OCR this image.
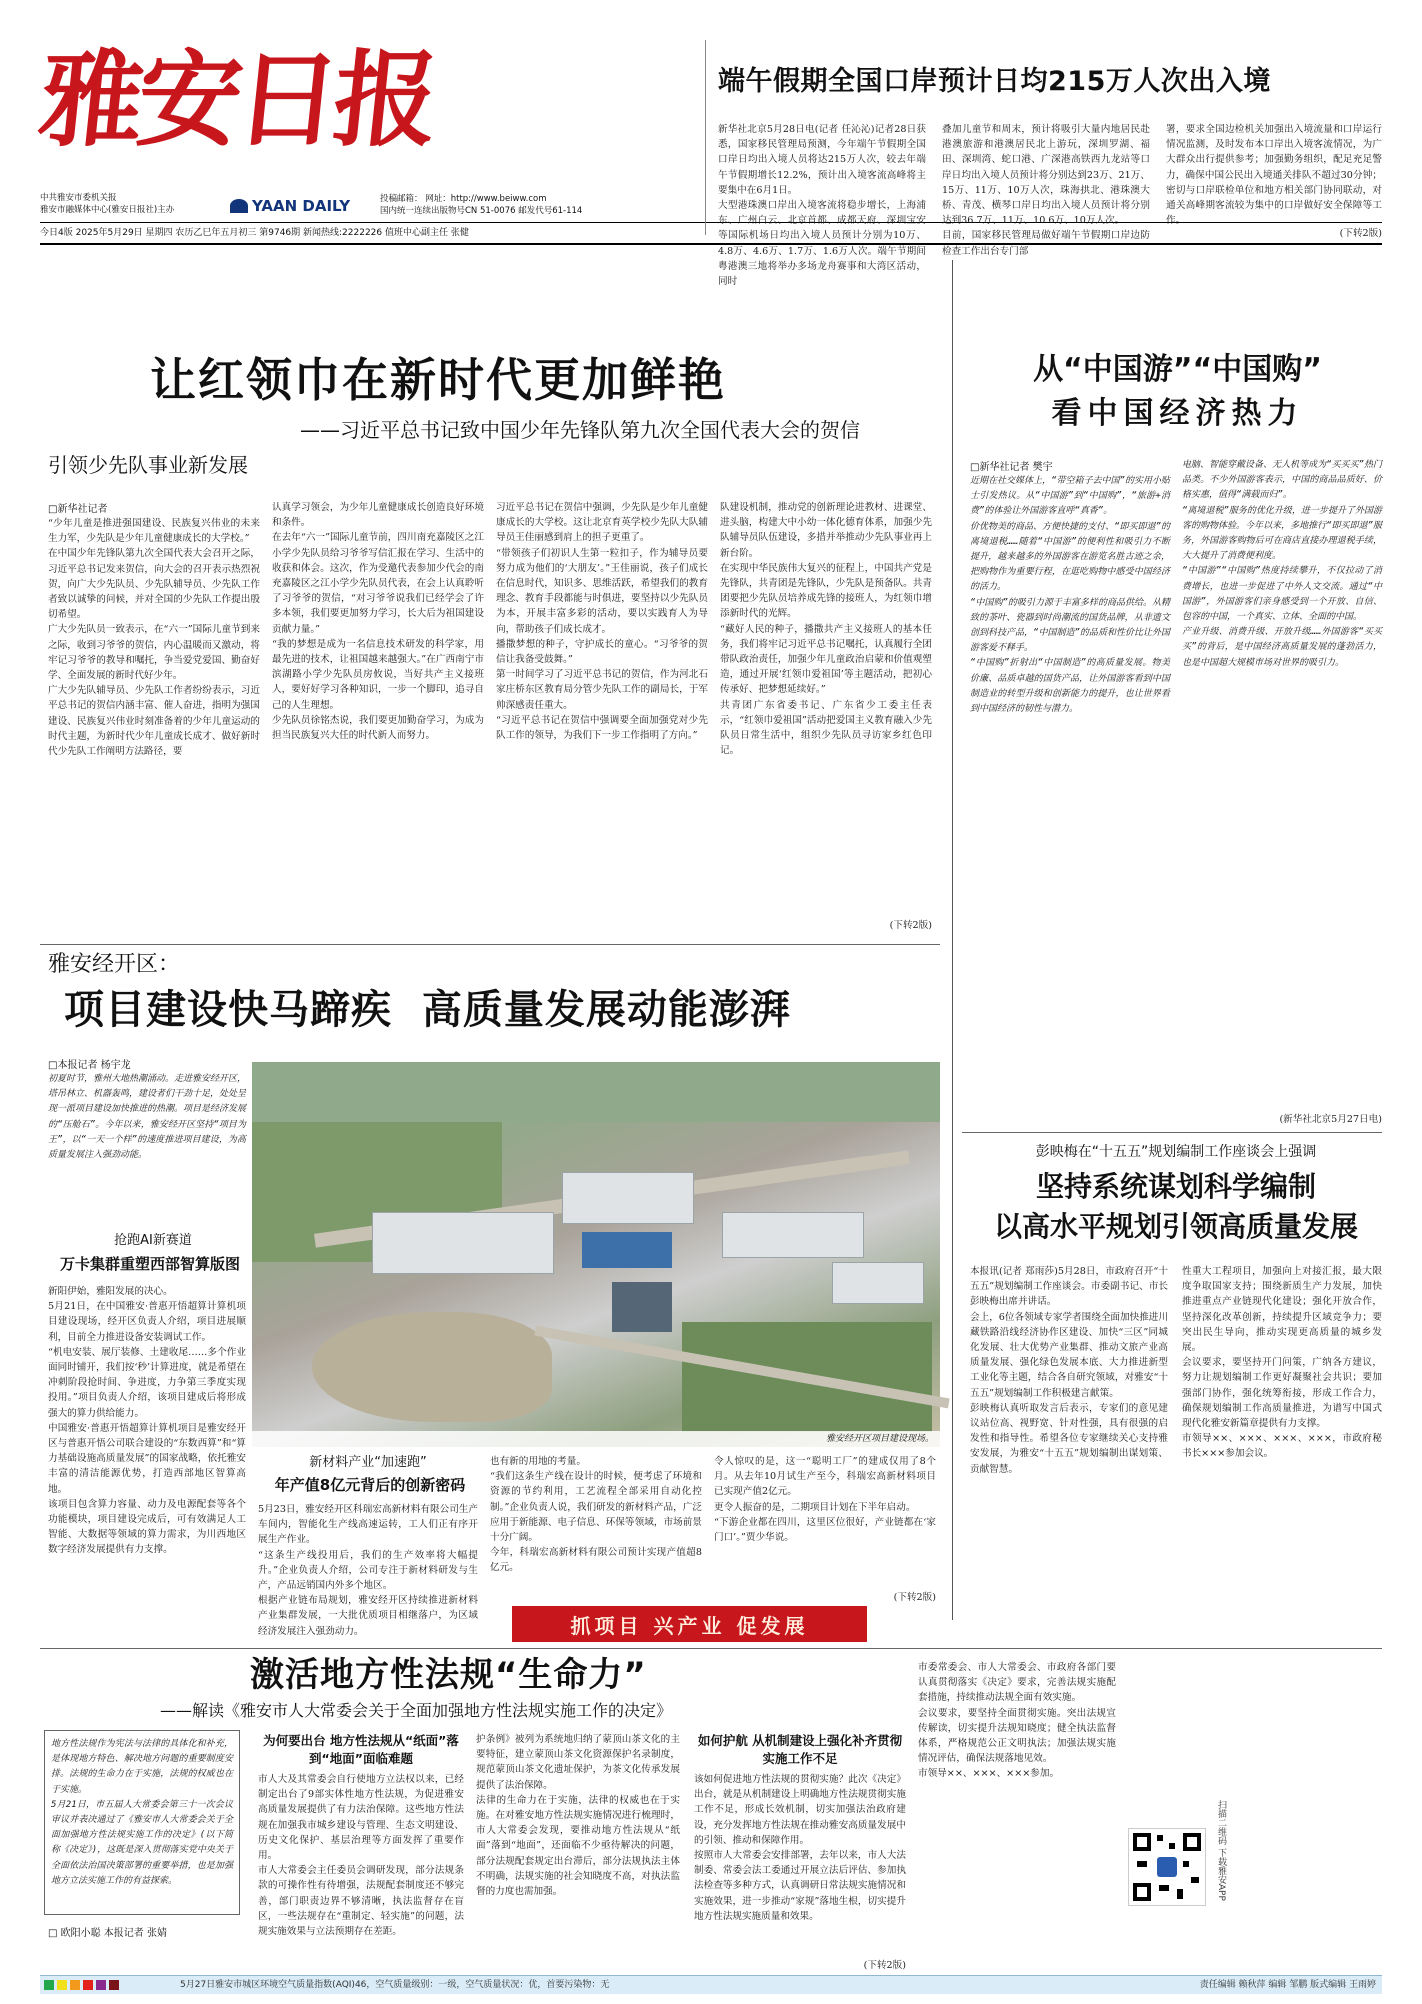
雅安日报
中共雅安市委机关报
雅安市融媒体中心(雅安日报社)主办	YAAN DAILY	投稿邮箱： 网址：http://www.beiww.com
国内统一连续出版物号CN 51-0076 邮发代号61-114
今日4版 2025年5月29日 星期四 农历乙巳年五月初三 第9746期 新闻热线:2222226 值班中心副主任 张健
端午假期全国口岸预计日均215万人次出入境
新华社北京5月28日电(记者 任沁沁)记者28日获悉，国家移民管理局预测，今年端午节假期全国口岸日均出入境人员将达215万人次，较去年端午节假期增长12.2%，预计出入境客流高峰将主要集中在6月1日。
大型港珠澳口岸出入境客流将稳步增长，上海浦东、广州白云、北京首都、成都天府、深圳宝安等国际机场日均出入境人员预计分别为10万、4.8万、4.6万、1.7万、1.6万人次。端午节期间粤港澳三地将举办多场龙舟赛事和大湾区活动，同时
叠加儿童节和周末，预计将吸引大量内地居民赴港澳旅游和港澳居民北上游玩，深圳罗湖、福田、深圳湾、蛇口港、广深港高铁西九龙站等口岸日均出入境人员预计将分别达到23万、21万、15万、11万、10万人次，珠海拱北、港珠澳大桥、青茂、横琴口岸日均出入境人员预计将分别达到36.7万、11万、10.6万、10万人次。
目前，国家移民管理局做好端午节假期口岸边防检查工作出台专门部
署，要求全国边检机关加强出入境流量和口岸运行情况监测，及时发布本口岸出入境客流情况，为广大群众出行提供参考；加强勤务组织，配足充足警力，确保中国公民出入境通关排队不超过30分钟；密切与口岸联检单位和地方相关部门协同联动，对通关高峰期客流较为集中的口岸做好安全保障等工作。
(下转2版)
让红领巾在新时代更加鲜艳
——习近平总书记致中国少年先锋队第九次全国代表大会的贺信
引领少先队事业新发展
□新华社记者
“少年儿童是推进强国建设、民族复兴伟业的未来生力军，少先队是少年儿童健康成长的大学校。”
在中国少年先锋队第九次全国代表大会召开之际，习近平总书记发来贺信，向大会的召开表示热烈祝贺，向广大少先队员、少先队辅导员、少先队工作者致以诚挚的问候，并对全国的少先队工作提出殷切希望。
广大少先队员一致表示，在“六一”国际儿童节到来之际，收到习爷爷的贺信，内心温暖而又激动，将牢记习爷爷的教导和嘱托，争当爱党爱国、勤奋好学、全面发展的新时代好少年。
广大少先队辅导员、少先队工作者纷纷表示，习近平总书记的贺信内涵丰富、催人奋进，指明为强国建设、民族复兴伟业时刻准备着的少年儿童运动的时代主题，为新时代少年儿童成长成才、做好新时代少先队工作阐明方法路径，要
认真学习领会，为少年儿童健康成长创造良好环境和条件。
在去年“六一”国际儿童节前，四川南充嘉陵区之江小学少先队员给习爷爷写信汇报在学习、生活中的收获和体会。这次，作为受邀代表参加少代会的南充嘉陵区之江小学少先队员代表，在会上认真聆听了习爷爷的贺信，“对习爷爷说我们已经学会了许多本领，我们要更加努力学习，长大后为祖国建设贡献力量。”
“我的梦想是成为一名信息技术研发的科学家，用最先进的技术，让祖国越来越强大。”在广西南宁市滨湖路小学少先队员房攸说，当好共产主义接班人，要好好学习各种知识，一步一个脚印，追寻自己的人生理想。
少先队员徐铭杰说，我们要更加勤奋学习，为成为担当民族复兴大任的时代新人而努力。
习近平总书记在贺信中强调，少先队是少年儿童健康成长的大学校。这让北京育英学校少先队大队辅导员王佳丽感到肩上的担子更重了。
“带领孩子们初识人生第一粒扣子，作为辅导员要努力成为他们的‘大朋友’。”王佳丽说，孩子们成长在信息时代，知识多、思维活跃，希望我们的教育理念、教育手段都能与时俱进，要坚持以少先队员为本，开展丰富多彩的活动，要以实践育人为导向，帮助孩子们成长成才。
播撒梦想的种子，守护成长的童心。“习爷爷的贺信让我备受鼓舞。”
第一时间学习了习近平总书记的贺信，作为河北石家庄桥东区教育局分管少先队工作的副局长，于军帅深感责任重大。
“习近平总书记在贺信中强调要全面加强党对少先队工作的领导，为我们下一步工作指明了方向。”
队建设机制，推动党的创新理论进教材、进课堂、进头脑，构建大中小幼一体化德育体系，加强少先队辅导员队伍建设，多措并举推动少先队事业再上新台阶。
在实现中华民族伟大复兴的征程上，中国共产党是先锋队，共青团是先锋队，少先队是预备队。共青团要把少先队员培养成先锋的接班人，为红领巾增添新时代的光辉。
“藏好人民的种子，播撒共产主义接班人的基本任务，我们将牢记习近平总书记嘱托，认真履行全团带队政治责任，加强少年儿童政治启蒙和价值观塑造，通过开展‘红领巾爱祖国’等主题活动，把初心传承好、把梦想延续好。”
共青团广东省委书记、广东省少工委主任表示，“红领巾爱祖国”活动把爱国主义教育融入少先队员日常生活中，组织少先队员寻访家乡红色印记。
(下转2版)
从“中国游”“中国购”
看中国经济热力
□新华社记者 樊宇
近期在社交媒体上，“带空箱子去中国”的实用小贴士引发热议。从“中国游”到“中国购”，“旅游+消费”的体验让外国游客直呼“真香”。
价优物美的商品、方便快捷的支付、“即买即退”的离境退税……随着“中国游”的便利性和吸引力不断提升，越来越多的外国游客在游览名胜古迹之余，把购物作为重要行程，在逛吃购物中感受中国经济的活力。
“中国购”的吸引力源于丰富多样的商品供给。从精致的茶叶、瓷器到时尚潮流的国货品牌，从非遗文创到科技产品，“中国制造”的品质和性价比让外国游客爱不释手。
“中国购”折射出“中国制造”的高质量发展。物美价廉、品质卓越的国货产品，让外国游客看到中国制造业的转型升级和创新能力的提升，也让世界看到中国经济的韧性与潜力。
电脑、智能穿戴设备、无人机等成为“买买买”热门品类。不少外国游客表示，中国的商品品质好、价格实惠，值得“满载而归”。
“离境退税”服务的优化升级，进一步提升了外国游客的购物体验。今年以来，多地推行“即买即退”服务，外国游客购物后可在商店直接办理退税手续，大大提升了消费便利度。
“中国游”“中国购”热度持续攀升，不仅拉动了消费增长，也进一步促进了中外人文交流。通过“中国游”，外国游客们亲身感受到一个开放、自信、包容的中国，一个真实、立体、全面的中国。
产业升级、消费升级、开放升级……外国游客“买买买”的背后，是中国经济高质量发展的蓬勃活力，也是中国超大规模市场对世界的吸引力。
(新华社北京5月27日电)
雅安经开区：
项目建设快马蹄疾  高质量发展动能澎湃
□本报记者 杨宇龙
初夏时节，雅州大地热潮涌动。走进雅安经开区，塔吊林立、机器轰鸣，建设者们干劲十足，处处呈现一派项目建设加快推进的热潮。项目是经济发展的“压舱石”。今年以来，雅安经开区坚持“项目为王”，以“一天一个样”的速度推进项目建设，为高质量发展注入强劲动能。
抢跑AI新赛道
万卡集群重塑西部智算版图
新阳伊始，雅阳发展的决心。
5月21日，在中国雅安·普惠开悟超算计算机项目建设现场，经开区负责人介绍，项目进展顺利，目前全力推进设备安装调试工作。
“机电安装、展厅装修、土建收尾……多个作业面同时铺开，我们按‘秒’计算进度，就是希望在冲刺阶段抢时间、争进度，力争第三季度实现投用。”项目负责人介绍，该项目建成后将形成强大的算力供给能力。
中国雅安·普惠开悟超算计算机项目是雅安经开区与普惠开悟公司联合建设的“东数西算”和“算力基础设施高质量发展”的国家战略，依托雅安丰富的清洁能源优势，打造西部地区智算高地。
该项目包含算力容量、动力及电源配套等各个功能模块，项目建设完成后，可有效满足人工智能、大数据等领域的算力需求，为川西地区数字经济发展提供有力支撑。
雅安经开区项目建设现场。
新材料产业“加速跑”
年产值8亿元背后的创新密码
5月23日，雅安经开区科瑞宏高新材料有限公司生产车间内，智能化生产线高速运转，工人们正有序开展生产作业。
“这条生产线投用后，我们的生产效率将大幅提升。”企业负责人介绍，公司专注于新材料研发与生产，产品远销国内外多个地区。
根据产业链布局规划，雅安经开区持续推进新材料产业集群发展，一大批优质项目相继落户，为区域经济发展注入强劲动力。
也有新的用地的考量。
“我们这条生产线在设计的时候，便考虑了环境和资源的节约利用，工艺流程全部采用自动化控制。”企业负责人说，我们研发的新材料产品，广泛应用于新能源、电子信息、环保等领域，市场前景十分广阔。
今年，科瑞宏高新材料有限公司预计实现产值超8亿元。
令人惊叹的是，这一“聪明工厂”的建成仅用了8个月。从去年10月试生产至今，科瑞宏高新材料项目已实现产值2亿元。
更令人振奋的是，二期项目计划在下半年启动。
“下游企业都在四川，这里区位很好，产业链都在‘家门口’。”贾少华说。
(下转2版)
抓项目 兴产业 促发展
彭映梅在“十五五”规划编制工作座谈会上强调
坚持系统谋划科学编制
以高水平规划引领高质量发展
本报讯(记者 郑雨莎)5月28日，市政府召开“十五五”规划编制工作座谈会。市委副书记、市长彭映梅出席并讲话。
会上，6位各领域专家学者围绕全面加快推进川藏铁路沿线经济协作区建设、加快“三区”同城化发展、壮大优势产业集群、推动文旅产业高质量发展、强化绿色发展本底、大力推进新型工业化等主题，结合各自研究领域，对雅安“十五五”规划编制工作积极建言献策。
彭映梅认真听取发言后表示，专家们的意见建议站位高、视野宽、针对性强，具有很强的启发性和指导性。希望各位专家继续关心支持雅安发展，为雅安“十五五”规划编制出谋划策、贡献智慧。
性重大工程项目，加强向上对接汇报，最大限度争取国家支持；围绕新质生产力发展，加快推进重点产业链现代化建设；强化开放合作，坚持深化改革创新，持续提升区域竞争力；要突出民生导向，推动实现更高质量的城乡发展。
会议要求，要坚持开门问策，广纳各方建议，努力让规划编制工作更好凝聚社会共识；要加强部门协作，强化统筹衔接，形成工作合力，确保规划编制工作高质量推进，为谱写中国式现代化雅安新篇章提供有力支撑。
市领导××、×××、×××、×××，市政府秘书长×××参加会议。
激活地方性法规“生命力”
——解读《雅安市人大常委会关于全面加强地方性法规实施工作的决定》
地方性法规作为宪法与法律的具体化和补充，是体现地方特色、解决地方问题的重要制度安排。法规的生命力在于实施，法规的权威也在于实施。
5月21日，市五届人大常委会第三十一次会议审议并表决通过了《雅安市人大常委会关于全面加强地方性法规实施工作的决定》(以下简称《决定》)，这既是深入贯彻落实党中央关于全面依法治国决策部署的重要举措，也是加强地方立法实施工作的有益探索。
□ 欧阳小聪 本报记者 张婧
为何要出台 地方性法规从“纸面”落到“地面”面临难题
市人大及其常委会自行使地方立法权以来，已经制定出台了9部实体性地方性法规，为促进雅安高质量发展提供了有力法治保障。这些地方性法规在加强我市城乡建设与管理、生态文明建设、历史文化保护、基层治理等方面发挥了重要作用。
市人大常委会主任委员会调研发现，部分法规条款的可操作性有待增强，法规配套制度还不够完善，部门职责边界不够清晰，执法监督存在盲区，一些法规存在“重制定、轻实施”的问题，法规实施效果与立法预期存在差距。
护条例》被列为系统地归纳了蒙顶山茶文化的主要特征，建立蒙顶山茶文化资源保护名录制度，规范蒙顶山茶文化遗址保护，为茶文化传承发展提供了法治保障。
法律的生命力在于实施，法律的权威也在于实施。在对雅安地方性法规实施情况进行梳理时，市人大常委会发现，要推动地方性法规从“纸面”落到“地面”，还面临不少亟待解决的问题，部分法规配套规定出台滞后，部分法规执法主体不明确，法规实施的社会知晓度不高，对执法监督的力度也需加强。
如何护航 从机制建设上强化补齐贯彻实施工作不足
该如何促进地方性法规的贯彻实施？此次《决定》出台，就是从机制建设上明确地方性法规贯彻实施工作不足，形成长效机制，切实加强法治政府建设，充分发挥地方性法规在推动雅安高质量发展中的引领、推动和保障作用。
按照市人大常委会安排部署，去年以来，市人大法制委、常委会法工委通过开展立法后评估、参加执法检查等多种方式，认真调研日常法规实施情况和实施效果，进一步推动“家规”落地生根，切实提升地方性法规实施质量和效果。
(下转2版)
市委常委会、市人大常委会、市政府各部门要认真贯彻落实《决定》要求，完善法规实施配套措施，持续推动法规全面有效实施。
会议要求，要坚持全面贯彻实施。突出法规宣传解读，切实提升法规知晓度；健全执法监督体系，严格规范公正文明执法；加强法规实施情况评估，确保法规落地见效。
市领导××、×××、×××参加。
扫描二维码 下载雅安APP
5月27日雅安市城区环境空气质量指数(AQI)46，空气质量级别：一级，空气质量状况：优，首要污染物：无	责任编辑 赖秋萍 编辑 邹鹏 版式编辑 王雨婷
